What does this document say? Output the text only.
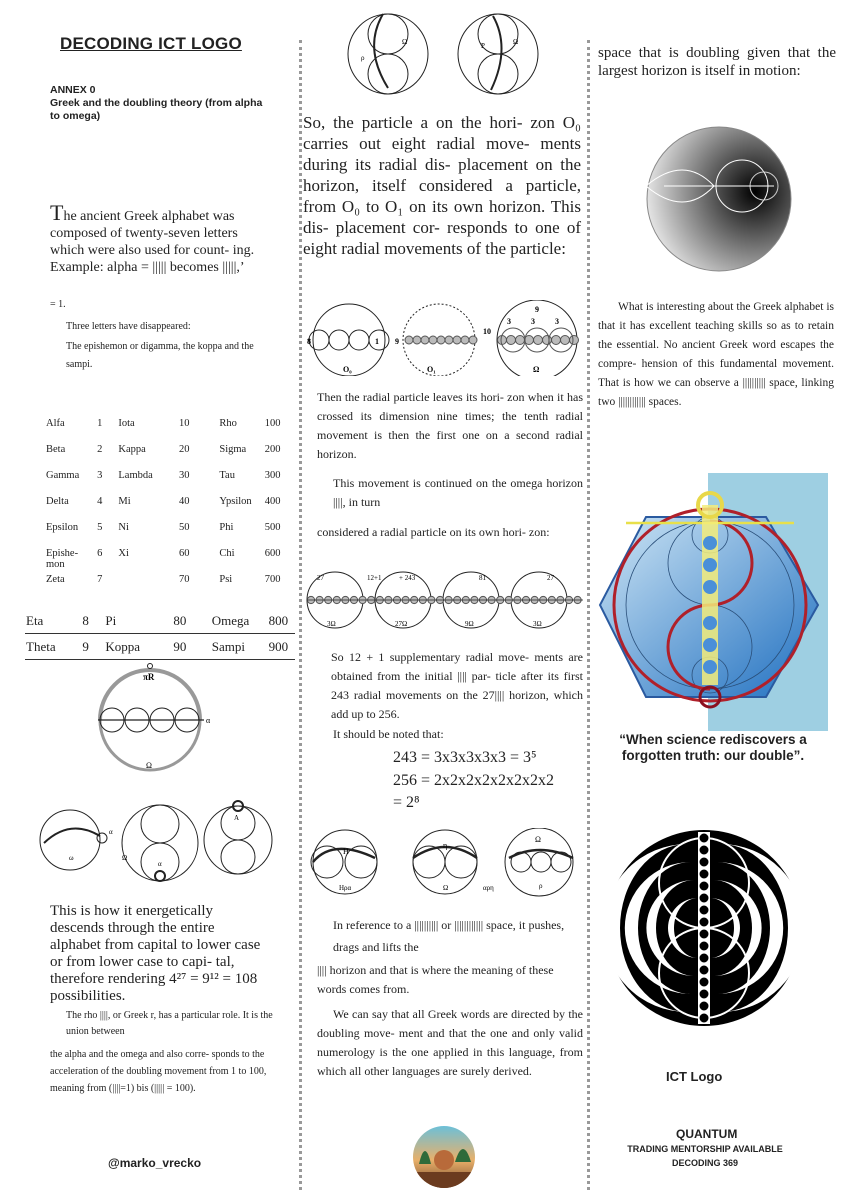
DECODING ICT LOGO
ANNEX 0
Greek and the doubling theory (from alpha to omega)
The ancient Greek alphabet was composed of twenty-seven letters which were also used for count- ing. Example: alpha = ||||| becomes |||||,’
= 1.
Three letters have disappeared:
The epishemon or digamma, the koppa and the sampi.
Alfa	1	Iota	10	Rho	100
Beta	2	Kappa	20	Sigma	200
Gamma	3	Lambda	30	Tau	300
Delta	4	Mi	40	Ypsilon	400
Epsilon	5	Ni	50	Phi	500
Epishe- mon	6	Xi	60	Chi	600
Zeta	7		70	Psi	700
Eta	8	Pi	80	Omega	800
Theta	9	Koppa	90	Sampi	900
πR
α
Ω
ω
α
Ω
α
A
This is how it energetically descends through the entire alphabet from capital to lower case or from lower case to capi- tal, therefore rendering 4²⁷ = 9¹² = 108 possibilities.
The rho ||||, or Greek r, has a particular role. It is the union between
the alpha and the omega and also corre- sponds to the acceleration of the doubling movement from 1 to 100, meaning from (||||=1) bis (||||| = 100).
@marko_vrecko
ρ
Ω	P	Ω
So, the particle a on the hori- zon O₀ carries out eight radial move- ments during its radial dis- placement on the horizon, itself considered a particle, from O₀ to O₁ on its own horizon. This dis- placement cor- responds to one of eight radial movements of the particle:
8	1 9
10
9
3	3	3
O₀	O₁	Ω
Then the radial particle leaves its hori- zon when it has crossed its dimension nine times; the tenth radial movement is then the first one on a second radial horizon.
This movement is continued on the omega horizon ||||, in turn
considered a radial particle on its own hori- zon:
27	12+1	+ 243	81	27
3Ω	27Ω	9Ω	3Ω
So 12 + 1 supplementary radial move- ments are obtained from the initial |||| par- ticle after its first 243 radial movements on the 27|||| horizon, which add up to 256.
It should be noted that:
243 = 3x3x3x3x3 = 3⁵
256 = 2x2x2x2x2x2x2x2
= 2⁸
H
Hρα
η
Ω	αρη
Ω
ρ
In reference to a |||||||||| or |||||||||||| space, it pushes, drags and lifts the
|||| horizon and that is where the meaning of these words comes from.
We can say that all Greek words are directed by the doubling move- ment and that the one and only valid numerology is the one applied in this language, from which all other languages are surely derived.
space that is doubling given that the largest horizon is itself in motion:
What is interesting about the Greek alphabet is that it has excellent teaching skills so as to retain the essential. No ancient Greek word escapes the compre- hension of this fundamental movement. That is how we can observe a |||||||||| space, linking two |||||||||||| spaces.
“When science rediscovers a forgotten truth: our double”.
ICT Logo
QUANTUM
TRADING MENTORSHIP AVAILABLE
DECODING 369
